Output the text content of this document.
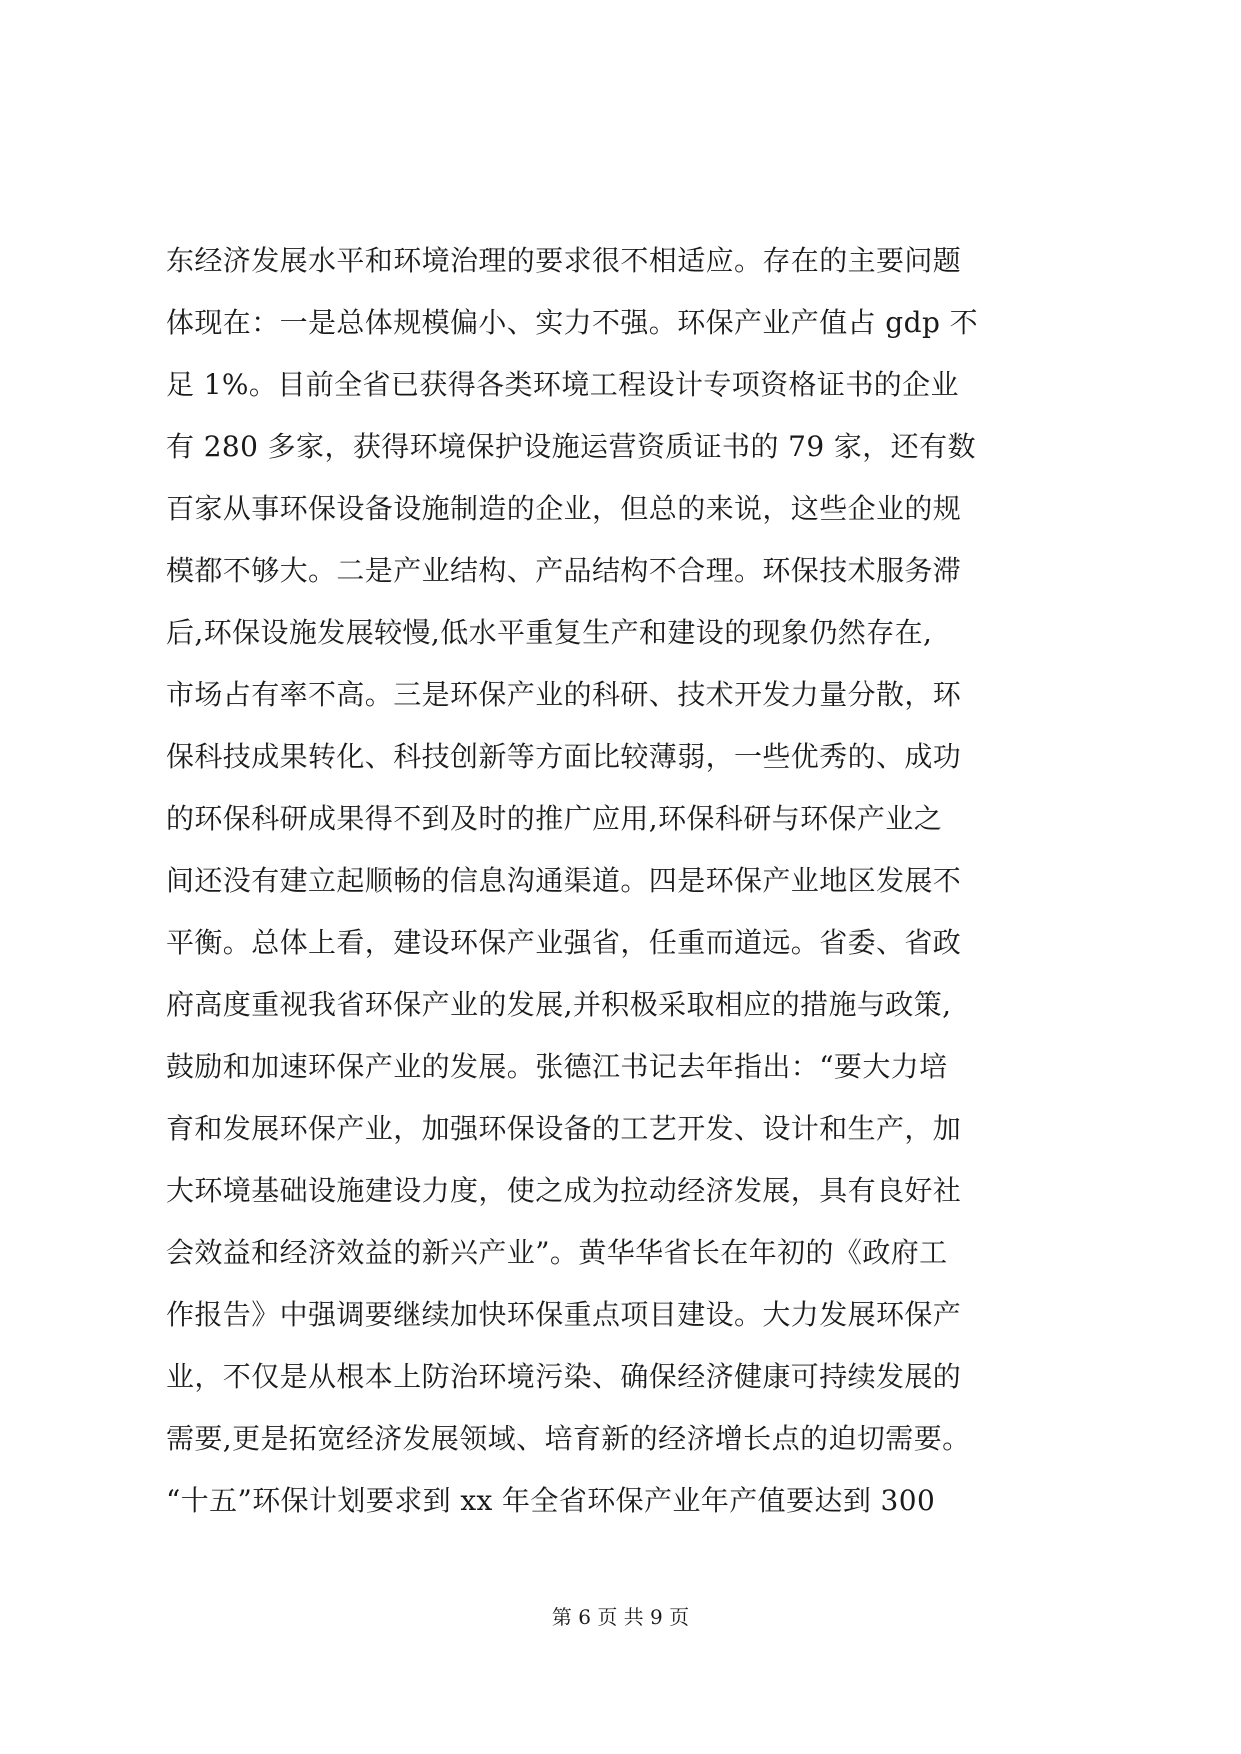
东经济发展水平和环境治理的要求很不相适应。存在的主要问题
体现在：一是总体规模偏小、实力不强。环保产业产值占 gdp 不
足 1%。目前全省已获得各类环境工程设计专项资格证书的企业
有 280 多家，获得环境保护设施运营资质证书的 79 家，还有数
百家从事环保设备设施制造的企业，但总的来说，这些企业的规
模都不够大。二是产业结构、产品结构不合理。环保技术服务滞
后,环保设施发展较慢,低水平重复生产和建设的现象仍然存在,
市场占有率不高。三是环保产业的科研、技术开发力量分散，环
保科技成果转化、科技创新等方面比较薄弱，一些优秀的、成功
的环保科研成果得不到及时的推广应用,环保科研与环保产业之
间还没有建立起顺畅的信息沟通渠道。四是环保产业地区发展不
平衡。总体上看，建设环保产业强省，任重而道远。省委、省政
府高度重视我省环保产业的发展,并积极采取相应的措施与政策,
鼓励和加速环保产业的发展。张德江书记去年指出：“要大力培
育和发展环保产业，加强环保设备的工艺开发、设计和生产，加
大环境基础设施建设力度，使之成为拉动经济发展，具有良好社
会效益和经济效益的新兴产业”。黄华华省长在年初的《政府工
作报告》中强调要继续加快环保重点项目建设。大力发展环保产
业，不仅是从根本上防治环境污染、确保经济健康可持续发展的
需要,更是拓宽经济发展领域、培育新的经济增长点的迫切需要。
“十五”环保计划要求到 xx 年全省环保产业年产值要达到 300
第 6 页 共 9 页
